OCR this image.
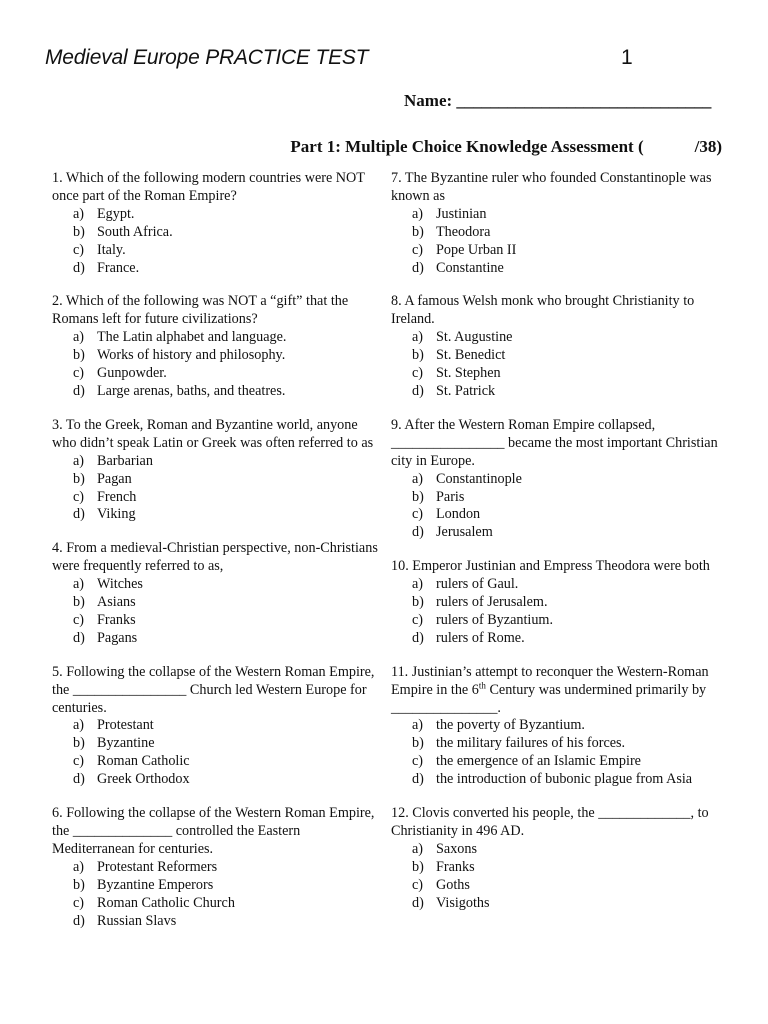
Medieval Europe PRACTICE TEST	1
Name: ______________________________
Part 1: Multiple Choice Knowledge Assessment (            /38)

1. Which of the following modern countries were NOT once part of the Roman Empire?

a) Egypt.
b) South Africa.
c) Italy.
d) France.

2. Which of the following was NOT a “gift” that the Romans left for future civilizations?

a) The Latin alphabet and language.
b) Works of history and philosophy.
c) Gunpowder.
d) Large arenas, baths, and theatres.

3. To the Greek, Roman and Byzantine world, anyone who didn’t speak Latin or Greek was often referred to as

a) Barbarian
b) Pagan
c) French
d) Viking

4. From a medieval-Christian perspective, non-Christians were frequently referred to as,

a) Witches
b) Asians
c) Franks
d) Pagans

5. Following the collapse of the Western Roman Empire, the ________________ Church led Western Europe for centuries.

a) Protestant
b) Byzantine
c) Roman Catholic
d) Greek Orthodox

6. Following the collapse of the Western Roman Empire, the ______________ controlled the Eastern Mediterranean for centuries.

a) Protestant Reformers
b) Byzantine Emperors
c) Roman Catholic Church
d) Russian Slavs

7. The Byzantine ruler who founded Constantinople was known as

a) Justinian
b) Theodora
c) Pope Urban II
d) Constantine

8. A famous Welsh monk who brought Christianity to Ireland.

a) St. Augustine
b) St. Benedict
c) St. Stephen
d) St. Patrick

9. After the Western Roman Empire collapsed, ________________ became the most important Christian city in Europe.

a) Constantinople
b) Paris
c) London
d) Jerusalem

10. Emperor Justinian and Empress Theodora were both

a) rulers of Gaul.
b) rulers of Jerusalem.
c) rulers of Byzantium.
d) rulers of Rome.

11. Justinian’s attempt to reconquer the Western-Roman Empire in the 6th Century was undermined primarily by _______________.

a) the poverty of Byzantium.
b) the military failures of his forces.
c) the emergence of an Islamic Empire
d) the introduction of bubonic plague from Asia

12. Clovis converted his people, the _____________, to Christianity in 496 AD.

a) Saxons
b) Franks
c) Goths
d) Visigoths
